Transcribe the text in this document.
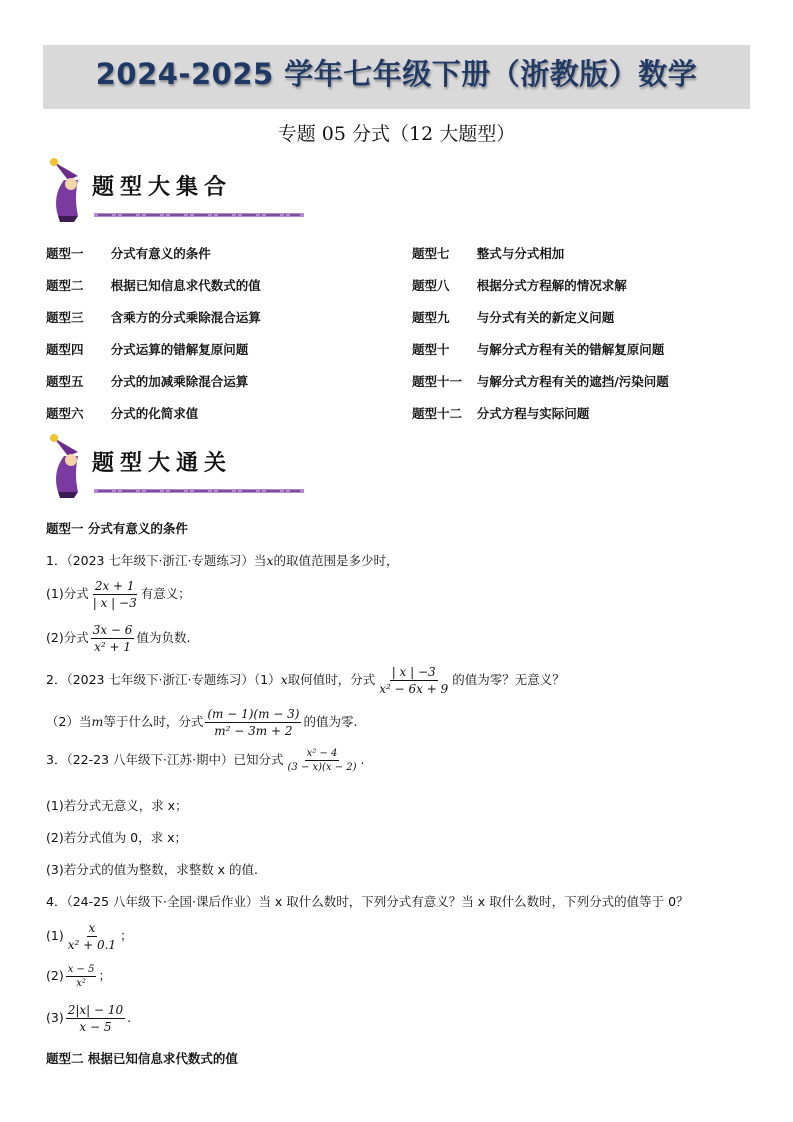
2024-2025 学年七年级下册（浙教版）数学
专题 05 分式（12 大题型）
题型大集合
题型一 分式有意义的条件
题型二 根据已知信息求代数式的值
题型三 含乘方的分式乘除混合运算
题型四 分式运算的错解复原问题
题型五 分式的加减乘除混合运算
题型六 分式的化简求值
题型七 整式与分式相加
题型八 根据分式方程解的情况求解
题型九 与分式有关的新定义问题
题型十 与解分式方程有关的错解复原问题
题型十一 与解分式方程有关的遮挡/污染问题
题型十二 分式方程与实际问题
题型大通关
题型一 分式有意义的条件
1．（2023 七年级下·浙江·专题练习）当x的取值范围是多少时，
(1)分式 $\frac{2x + 1}{| x | -3}$ 有意义；
(2)分式 $\frac{3x - 6}{\text{x² + 1}}$ 值为负数.
2．（2023 七年级下·浙江·专题练习）（1）x取何值时，分式 $\frac{| x | -3}{\text{x² − 6x + 9}}$ 的值为零？无意义？
（2）当m等于什么时，分式 $\frac{(m - 1)(m - 3)}{\text{m² − 3m + 2}}$ 的值为零.
3．（22-23 八年级下·江苏·期中）已知分式 $\frac{\text{x² − 4}}{(3 - x)(x - 2)}$ .
(1)若分式无意义，求 x；
(2)若分式值为 0，求 x；
(3)若分式的值为整数，求整数 x 的值.
4．（24-25 八年级下·全国·课后作业）当 x 取什么数时，下列分式有意义？当 x 取什么数时，下列分式的值等于 0？
$(1) \frac{x}{\text{x² + 0.1}}$ ；
$(2) \frac{x - 5}{\text{x²}}$ ；
$(3) \frac{2|x| - 10}{x - 5}$ .
题型二 根据已知信息求代数式的值
